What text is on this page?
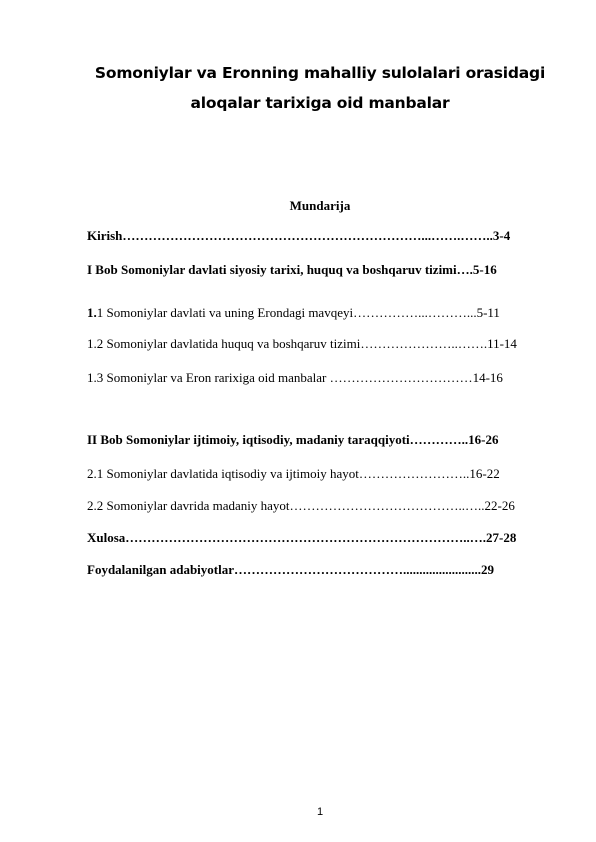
Somoniylar va Eronning mahalliy sulolalari orasidagi aloqalar tarixiga oid manbalar
Mundarija
Kirish……………………………………………………………...…….……..3-4
I Bob Somoniylar davlati siyosiy tarixi, huquq va boshqaruv tizimi….5-16
1.1 Somoniylar davlati va uning Erondagi mavqeyi……………...………...5-11
1.2 Somoniylar davlatida huquq va boshqaruv tizimi…………………..…….11-14
1.3 Somoniylar va Eron rarixiga oid manbalar ……………………………14-16
II Bob Somoniylar ijtimoiy, iqtisodiy, madaniy taraqqiyoti…………..16-26
2.1 Somoniylar davlatida iqtisodiy va ijtimoiy hayot……………………..16-22
2.2 Somoniylar davrida madaniy hayot…………………………………..…..22-26
Xulosa……………………………………………………………………..….27-28
Foydalanilgan adabiyotlar…………………………………........................29
1
